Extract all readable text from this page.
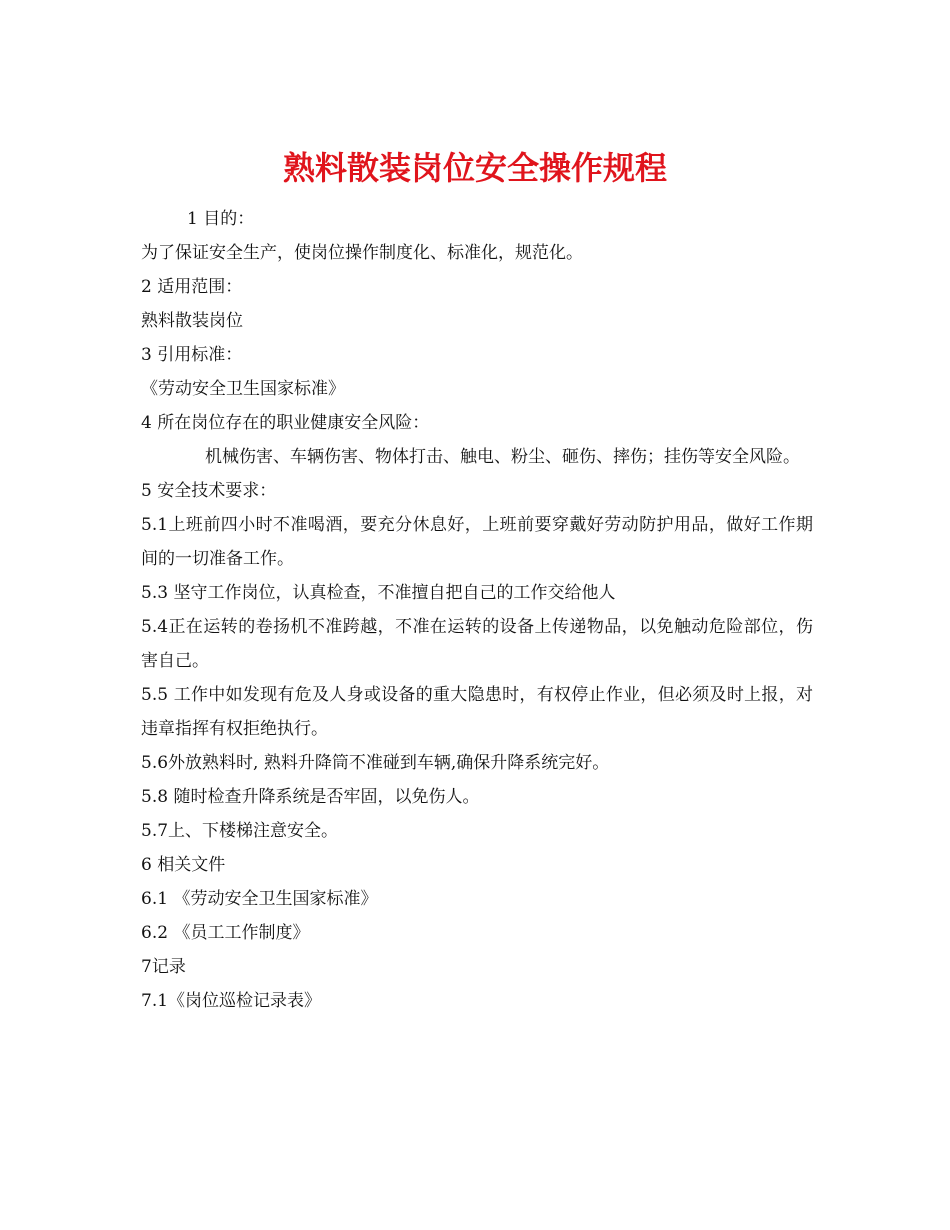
熟料散装岗位安全操作规程

1 目的：

为了保证安全生产，使岗位操作制度化、标准化，规范化。

2 适用范围：

熟料散装岗位

3 引用标准：

《劳动安全卫生国家标准》

4 所在岗位存在的职业健康安全风险：

机械伤害、车辆伤害、物体打击、触电、粉尘、砸伤、摔伤；挂伤等安全风险。

5 安全技术要求：

5.1上班前四小时不准喝酒，要充分休息好，上班前要穿戴好劳动防护用品，做好工作期间的一切准备工作。

5.3 坚守工作岗位，认真检查，不准擅自把自己的工作交给他人

5.4正在运转的卷扬机不准跨越，不准在运转的设备上传递物品，以免触动危险部位，伤害自己。

5.5 工作中如发现有危及人身或设备的重大隐患时，有权停止作业，但必须及时上报，对违章指挥有权拒绝执行。

5.6外放熟料时, 熟料升降筒不准碰到车辆,确保升降系统完好。

5.8 随时检查升降系统是否牢固，以免伤人。

5.7上、下楼梯注意安全。

6 相关文件

6.1 《劳动安全卫生国家标准》

6.2 《员工工作制度》

7记录

7.1《岗位巡检记录表》
